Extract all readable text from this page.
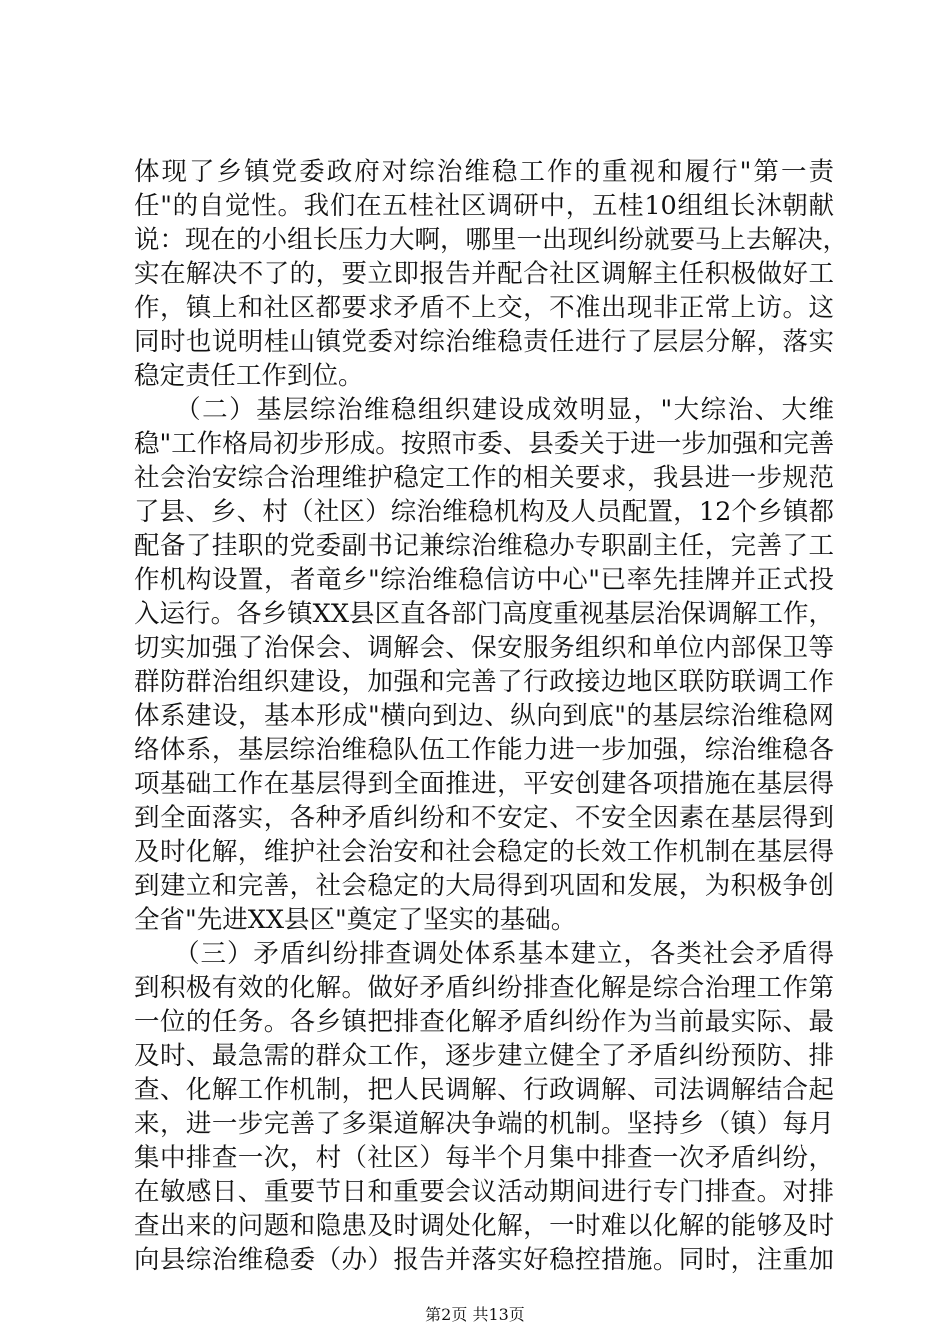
体现了乡镇党委政府对综治维稳工作的重视和履行"第一责
任"的自觉性。我们在五桂社区调研中，五桂10组组长沐朝献
说：现在的小组长压力大啊，哪里一出现纠纷就要马上去解决，
实在解决不了的，要立即报告并配合社区调解主任积极做好工
作，镇上和社区都要求矛盾不上交，不准出现非正常上访。这
同时也说明桂山镇党委对综治维稳责任进行了层层分解，落实
稳定责任工作到位。
　　（二）基层综治维稳组织建设成效明显，"大综治、大维
稳"工作格局初步形成。按照市委、县委关于进一步加强和完善
社会治安综合治理维护稳定工作的相关要求，我县进一步规范
了县、乡、村（社区）综治维稳机构及人员配置，12个乡镇都
配备了挂职的党委副书记兼综治维稳办专职副主任，完善了工
作机构设置，者竜乡"综治维稳信访中心"已率先挂牌并正式投
入运行。各乡镇XX县区直各部门高度重视基层治保调解工作，
切实加强了治保会、调解会、保安服务组织和单位内部保卫等
群防群治组织建设，加强和完善了行政接边地区联防联调工作
体系建设，基本形成"横向到边、纵向到底"的基层综治维稳网
络体系，基层综治维稳队伍工作能力进一步加强，综治维稳各
项基础工作在基层得到全面推进，平安创建各项措施在基层得
到全面落实，各种矛盾纠纷和不安定、不安全因素在基层得到
及时化解，维护社会治安和社会稳定的长效工作机制在基层得
到建立和完善，社会稳定的大局得到巩固和发展，为积极争创
全省"先进XX县区"奠定了坚实的基础。
　　（三）矛盾纠纷排查调处体系基本建立，各类社会矛盾得
到积极有效的化解。做好矛盾纠纷排查化解是综合治理工作第
一位的任务。各乡镇把排查化解矛盾纠纷作为当前最实际、最
及时、最急需的群众工作，逐步建立健全了矛盾纠纷预防、排
查、化解工作机制，把人民调解、行政调解、司法调解结合起
来，进一步完善了多渠道解决争端的机制。坚持乡（镇）每月
集中排查一次，村（社区）每半个月集中排查一次矛盾纠纷，
在敏感日、重要节日和重要会议活动期间进行专门排查。对排
查出来的问题和隐患及时调处化解，一时难以化解的能够及时
向县综治维稳委（办）报告并落实好稳控措施。同时，注重加
第2页 共13页
